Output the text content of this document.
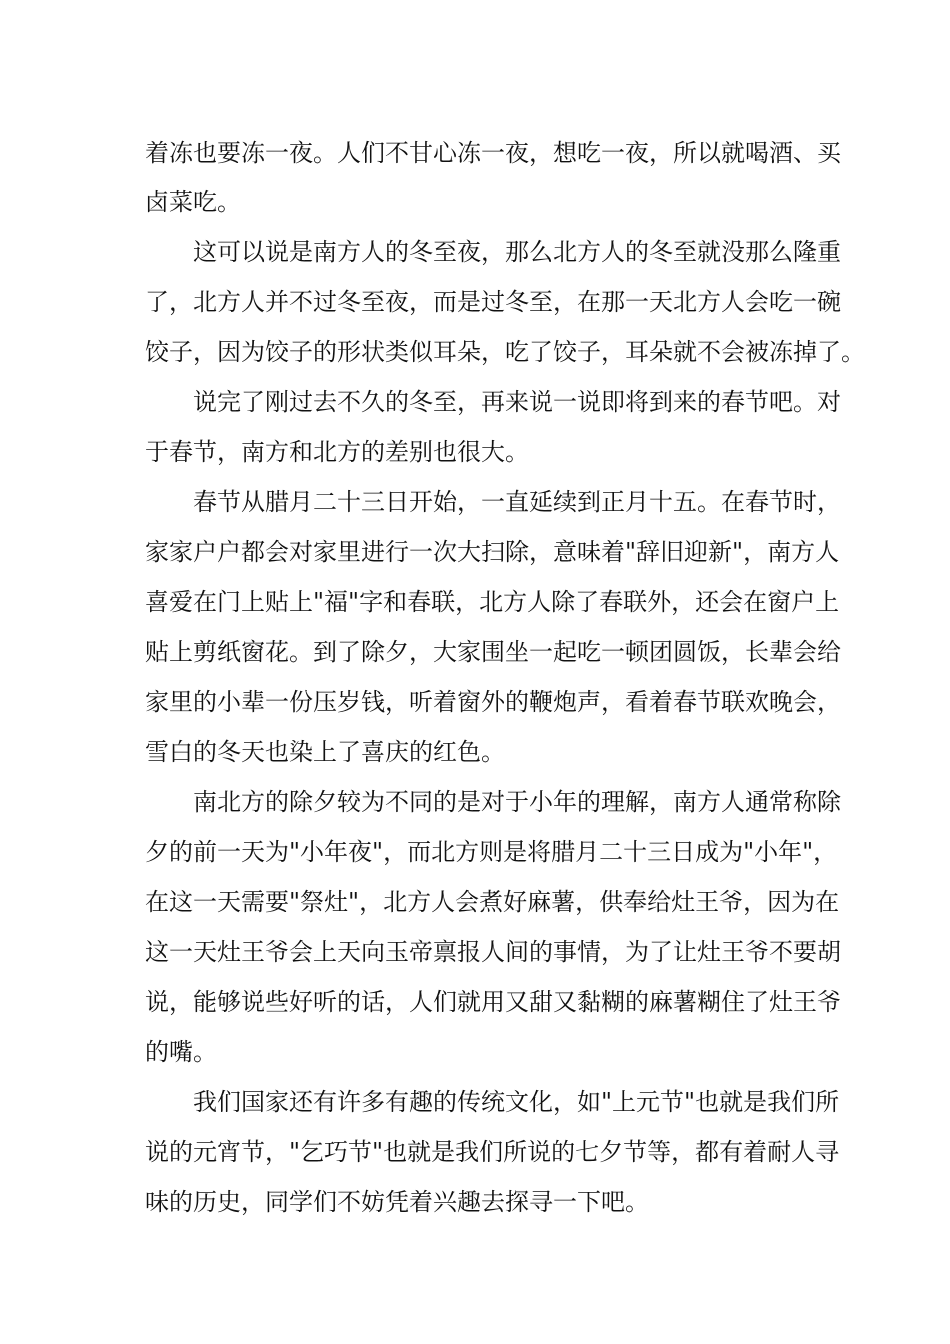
着冻也要冻一夜。人们不甘心冻一夜，想吃一夜，所以就喝酒、买
卤菜吃。
这可以说是南方人的冬至夜，那么北方人的冬至就没那么隆重
了，北方人并不过冬至夜，而是过冬至，在那一天北方人会吃一碗
饺子，因为饺子的形状类似耳朵，吃了饺子，耳朵就不会被冻掉了。
说完了刚过去不久的冬至，再来说一说即将到来的春节吧。对
于春节，南方和北方的差别也很大。
春节从腊月二十三日开始，一直延续到正月十五。在春节时，
家家户户都会对家里进行一次大扫除，意味着"辞旧迎新"，南方人
喜爱在门上贴上"福"字和春联，北方人除了春联外，还会在窗户上
贴上剪纸窗花。到了除夕，大家围坐一起吃一顿团圆饭，长辈会给
家里的小辈一份压岁钱，听着窗外的鞭炮声，看着春节联欢晚会，
雪白的冬天也染上了喜庆的红色。
南北方的除夕较为不同的是对于小年的理解，南方人通常称除
夕的前一天为"小年夜"，而北方则是将腊月二十三日成为"小年"，
在这一天需要"祭灶"，北方人会煮好麻薯，供奉给灶王爷，因为在
这一天灶王爷会上天向玉帝禀报人间的事情，为了让灶王爷不要胡
说，能够说些好听的话，人们就用又甜又黏糊的麻薯糊住了灶王爷
的嘴。
我们国家还有许多有趣的传统文化，如"上元节"也就是我们所
说的元宵节，"乞巧节"也就是我们所说的七夕节等，都有着耐人寻
味的历史，同学们不妨凭着兴趣去探寻一下吧。
